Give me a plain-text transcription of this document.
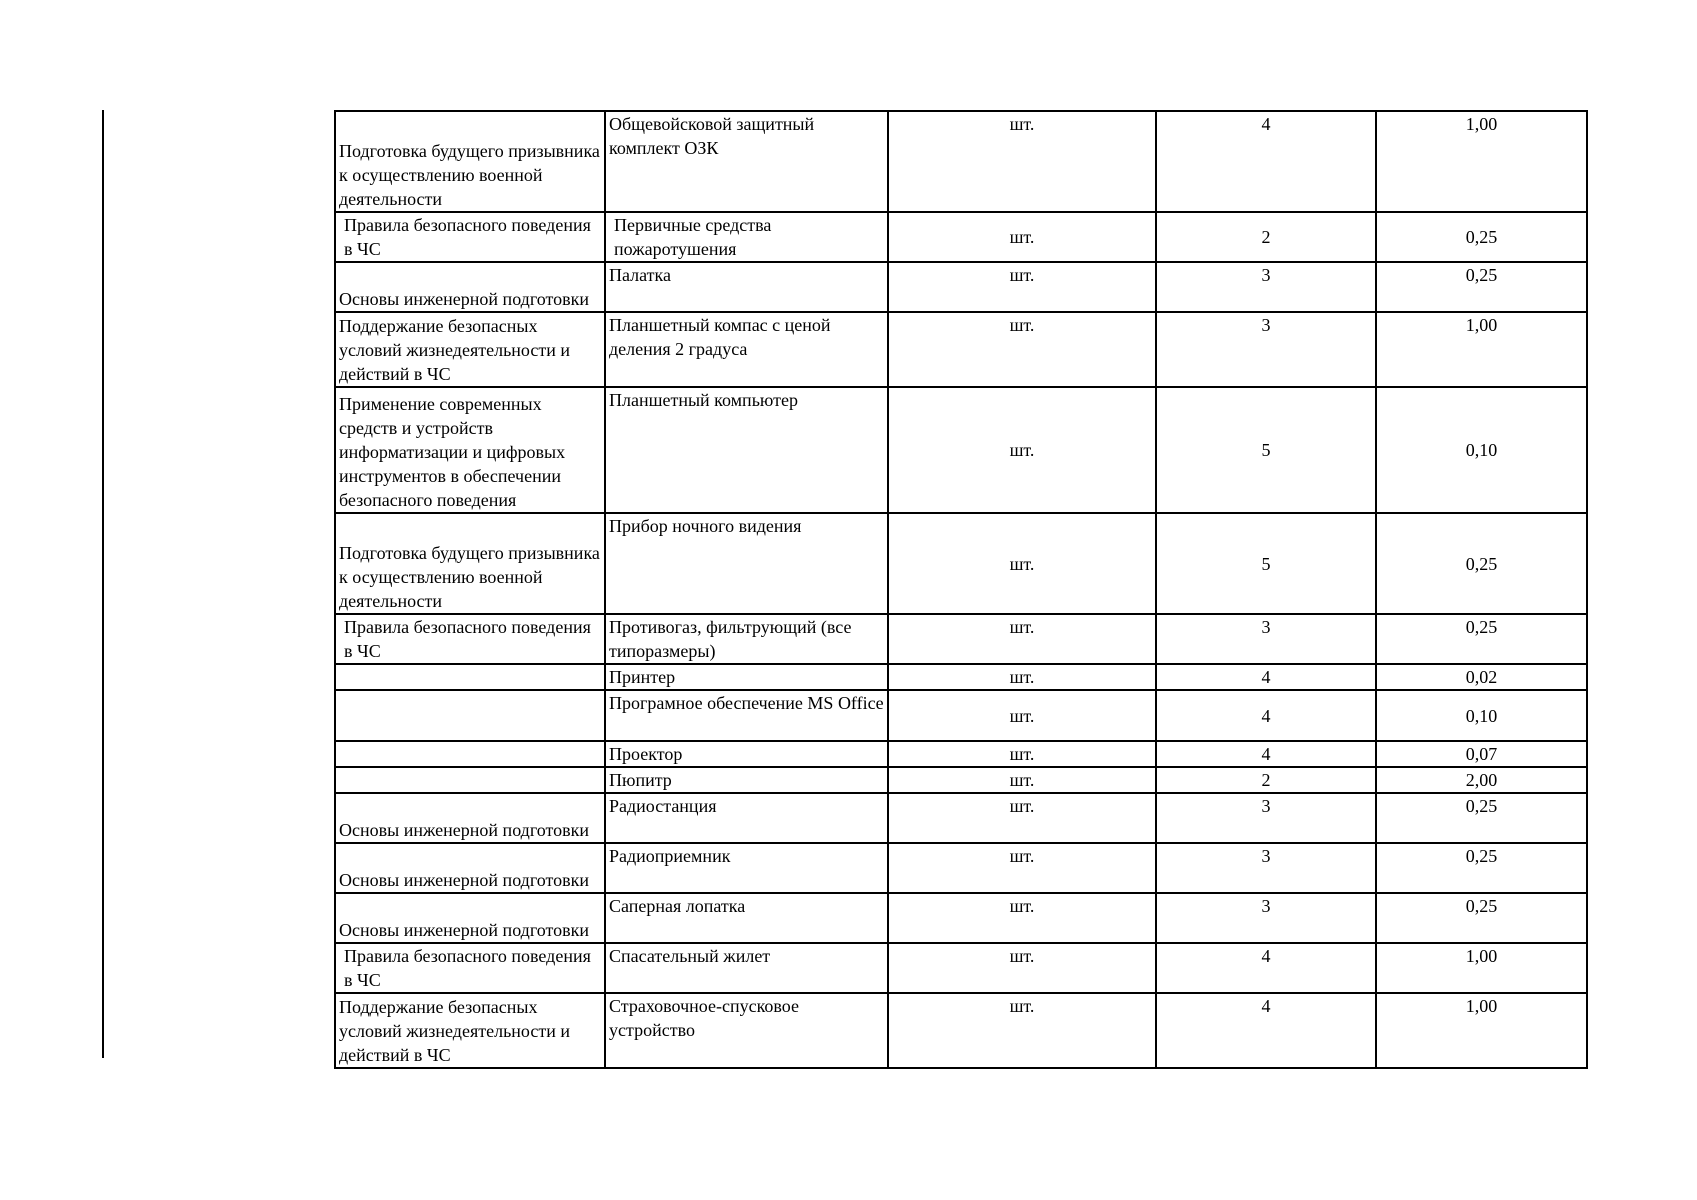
Подготовка будущего призывника к осуществлению военной деятельности	Общевойсковой защитный комплект ОЗК	шт.	4	1,00
Правила безопасного поведения в ЧС	Первичные средства пожаротушения	шт.	2	0,25
Основы инженерной подготовки	Палатка	шт.	3	0,25
Поддержание безопасных условий жизнедеятельности и действий в ЧС	Планшетный компас с ценой деления 2 градуса	шт.	3	1,00
Применение современных средств и устройств информатизации и цифровых инструментов в обеспечении безопасного поведения	Планшетный компьютер	шт.	5	0,10
Подготовка будущего призывника к осуществлению военной деятельности	Прибор ночного видения	шт.	5	0,25
Правила безопасного поведения в ЧС	Противогаз, фильтрующий (все типоразмеры)	шт.	3	0,25
	Принтер	шт.	4	0,02
	Програмное обеспечение MS Office	шт.	4	0,10
	Проектор	шт.	4	0,07
	Пюпитр	шт.	2	2,00
Основы инженерной подготовки	Радиостанция	шт.	3	0,25
Основы инженерной подготовки	Радиоприемник	шт.	3	0,25
Основы инженерной подготовки	Саперная лопатка	шт.	3	0,25
Правила безопасного поведения в ЧС	Спасательный жилет	шт.	4	1,00
Поддержание безопасных условий жизнедеятельности и действий в ЧС	Страховочное-спусковое устройство	шт.	4	1,00
